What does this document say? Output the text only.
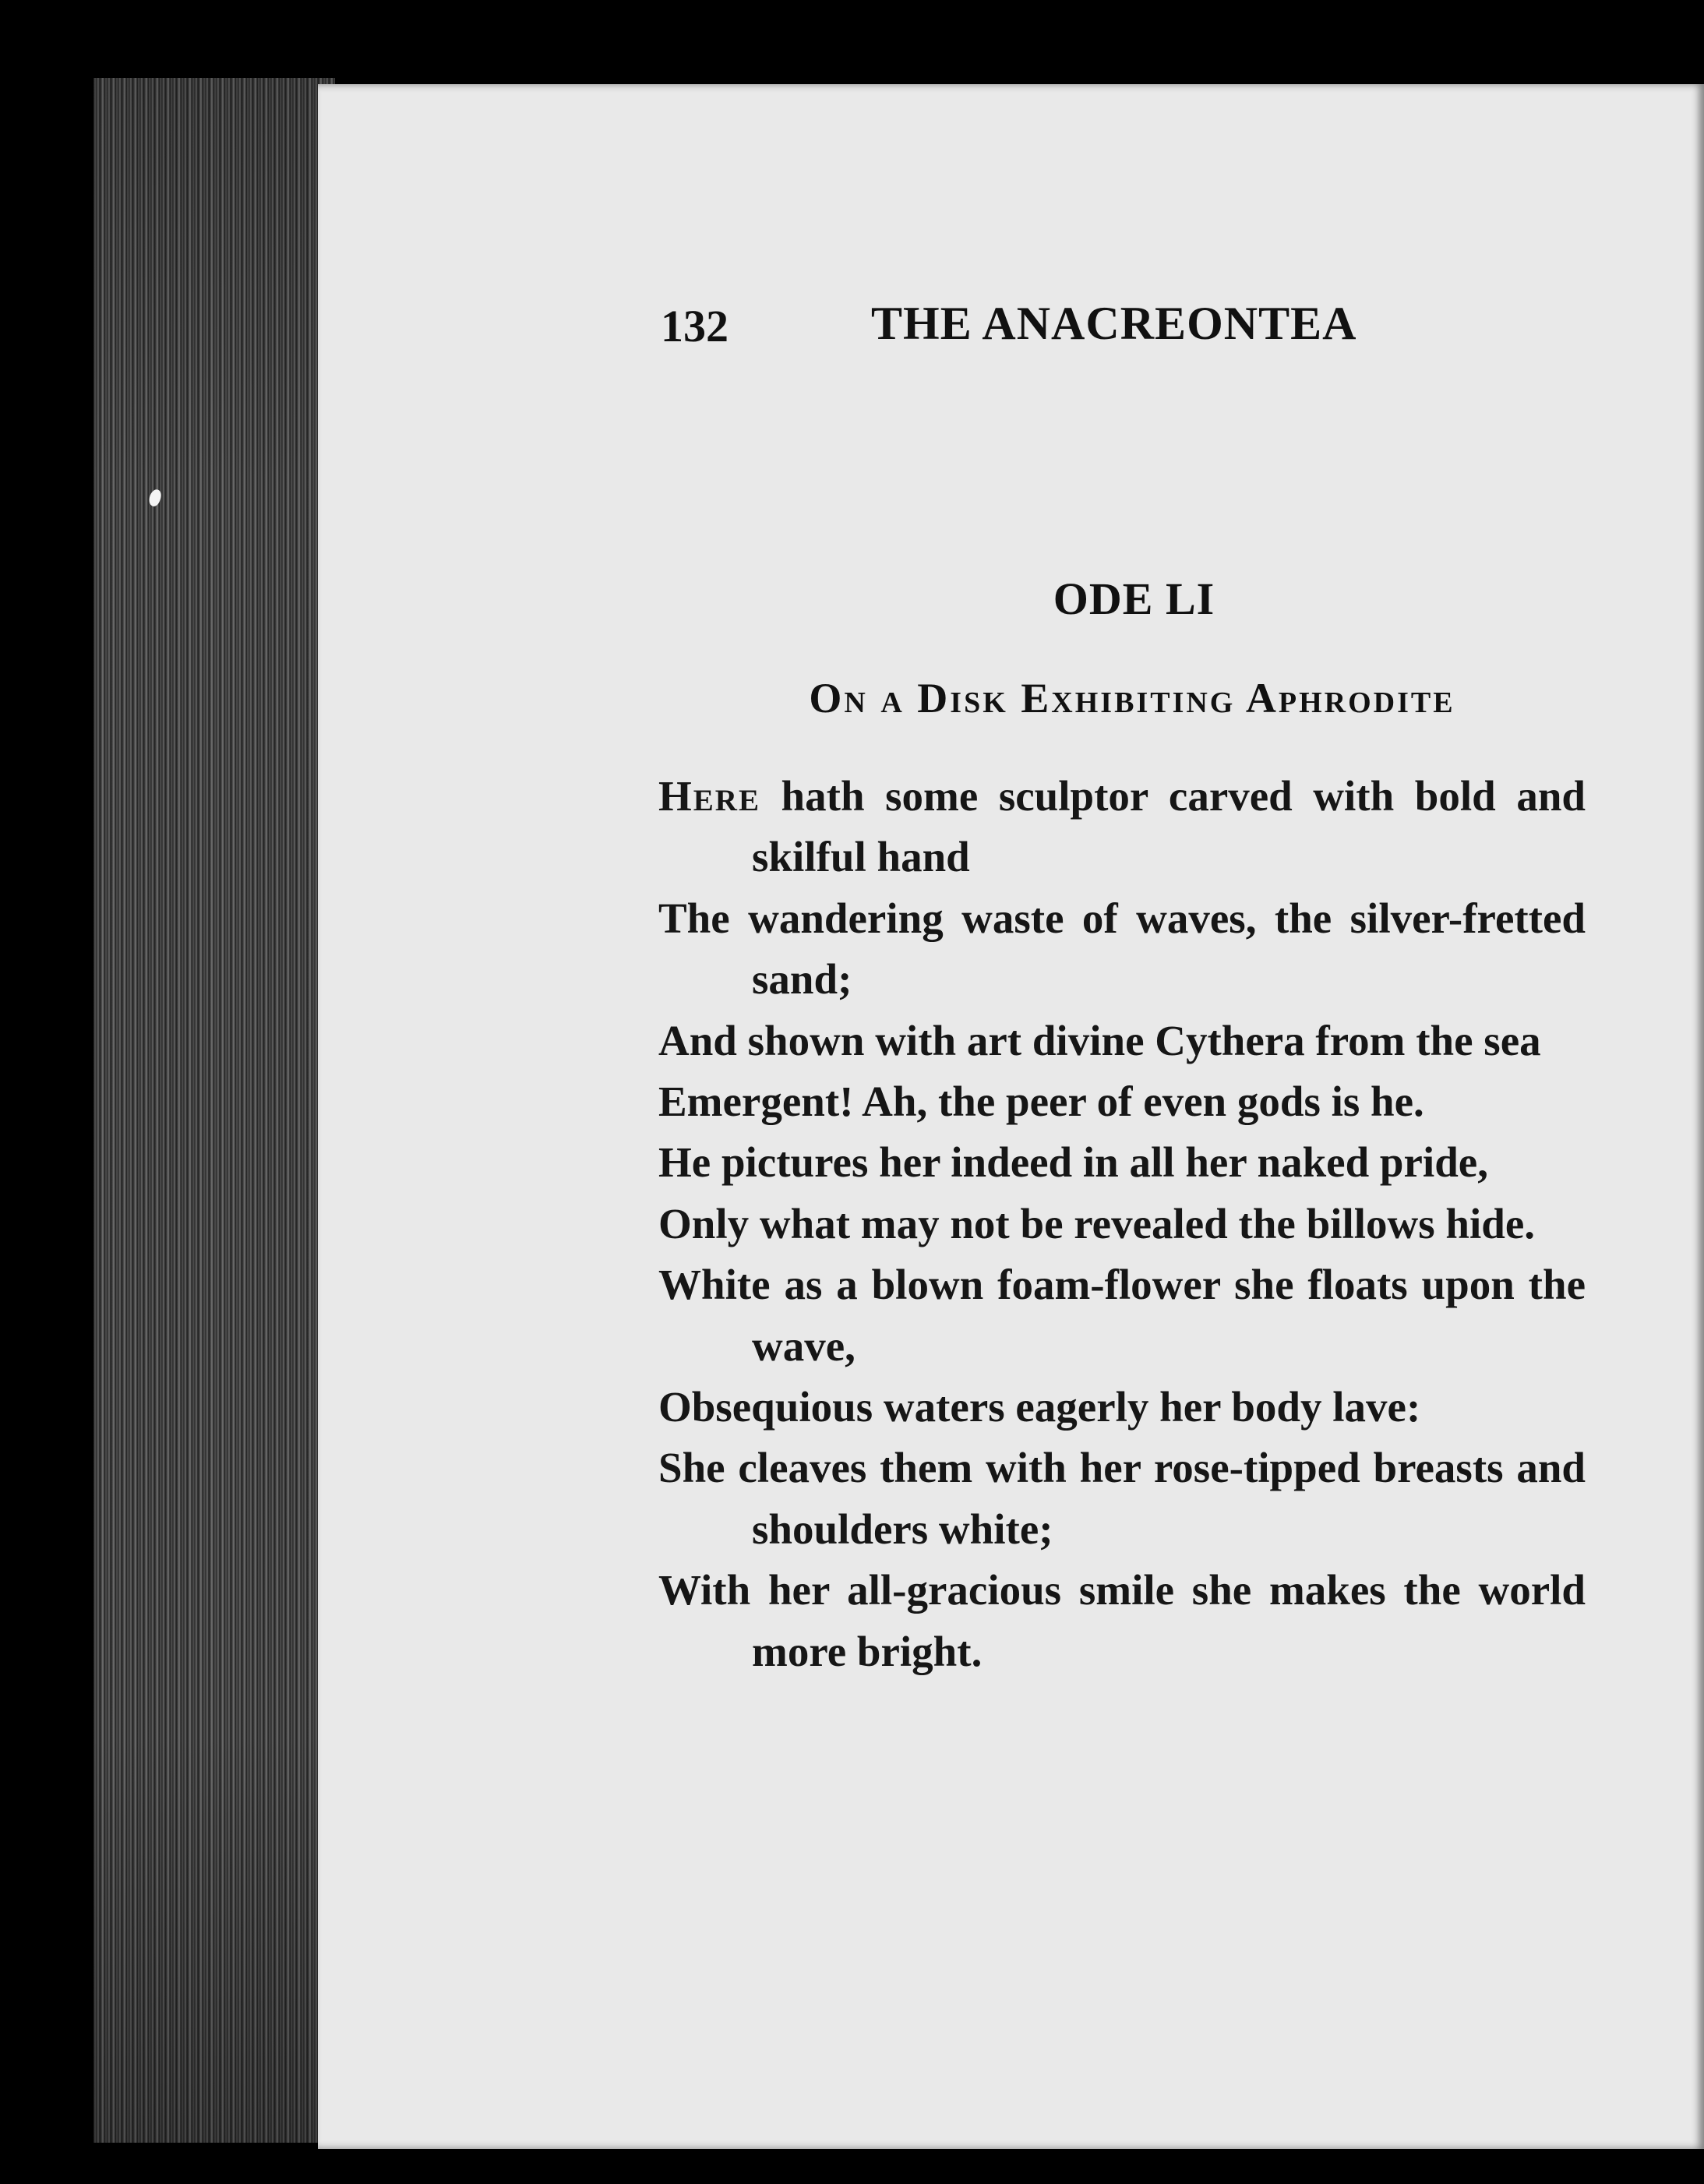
132	THE ANACREONTEA
ODE LI
On a Disk Exhibiting Aphrodite

Here hath some sculptor carved with bold and skilful hand

The wandering waste of waves, the silver-fretted sand;

And shown with art divine Cythera from the sea

Emergent! Ah, the peer of even gods is he.

He pictures her indeed in all her naked pride,

Only what may not be revealed the billows hide.

White as a blown foam-flower she floats upon the wave,

Obsequious waters eagerly her body lave:

She cleaves them with her rose-tipped breasts and shoulders white;

With her all-gracious smile she makes the world more bright.
